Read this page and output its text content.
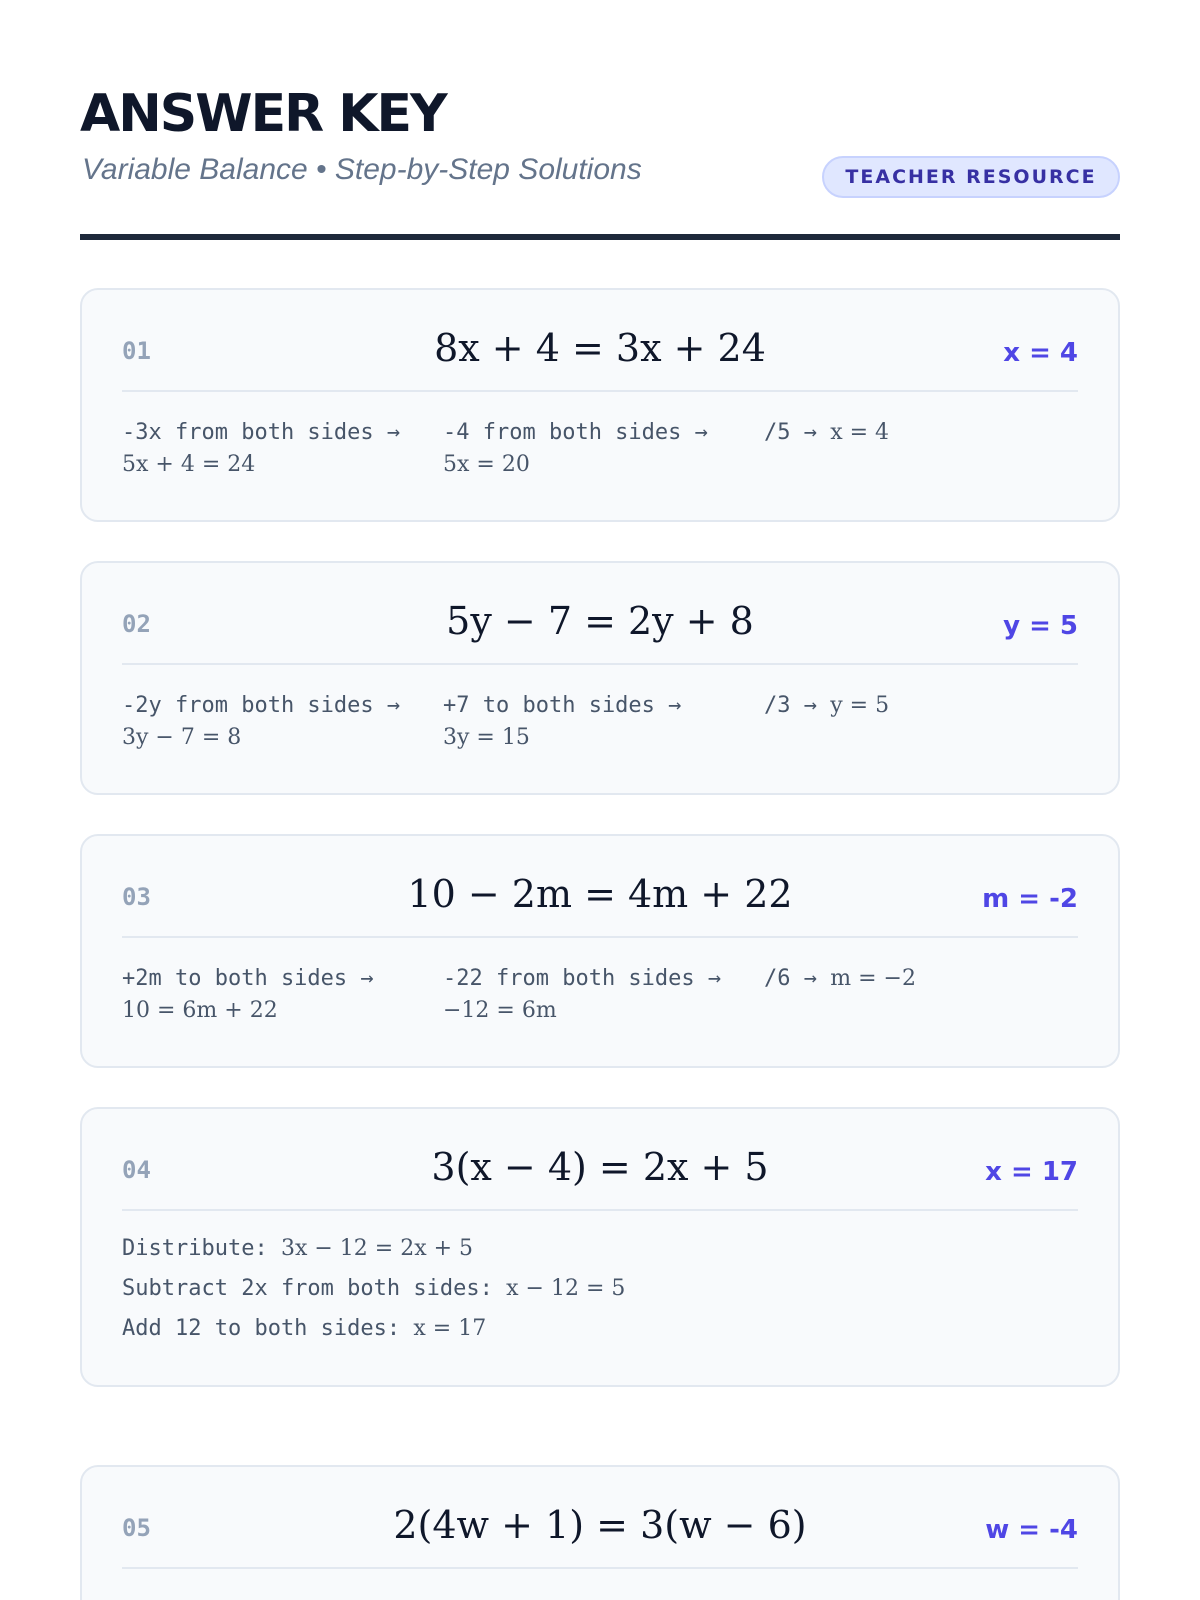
ANSWER KEY
Variable Balance • Step-by-Step Solutions	TEACHER RESOURCE
01	8x + 4 = 3x + 24	x = 4
-3x from both sides →
5x + 4 = 24
-4 from both sides →
5x = 20
/5 → x = 4
02	5y − 7 = 2y + 8	y = 5
-2y from both sides →
3y − 7 = 8
+7 to both sides →
3y = 15
/3 → y = 5
03	10 − 2m = 4m + 22	m = -2
+2m to both sides →
10 = 6m + 22
-22 from both sides →
−12 = 6m
/6 → m = −2
04	3(x − 4) = 2x + 5	x = 17
Distribute: 3x − 12 = 2x + 5
Subtract 2x from both sides: x − 12 = 5
Add 12 to both sides: x = 17
05	2(4w + 1) = 3(w − 6)	w = -4
